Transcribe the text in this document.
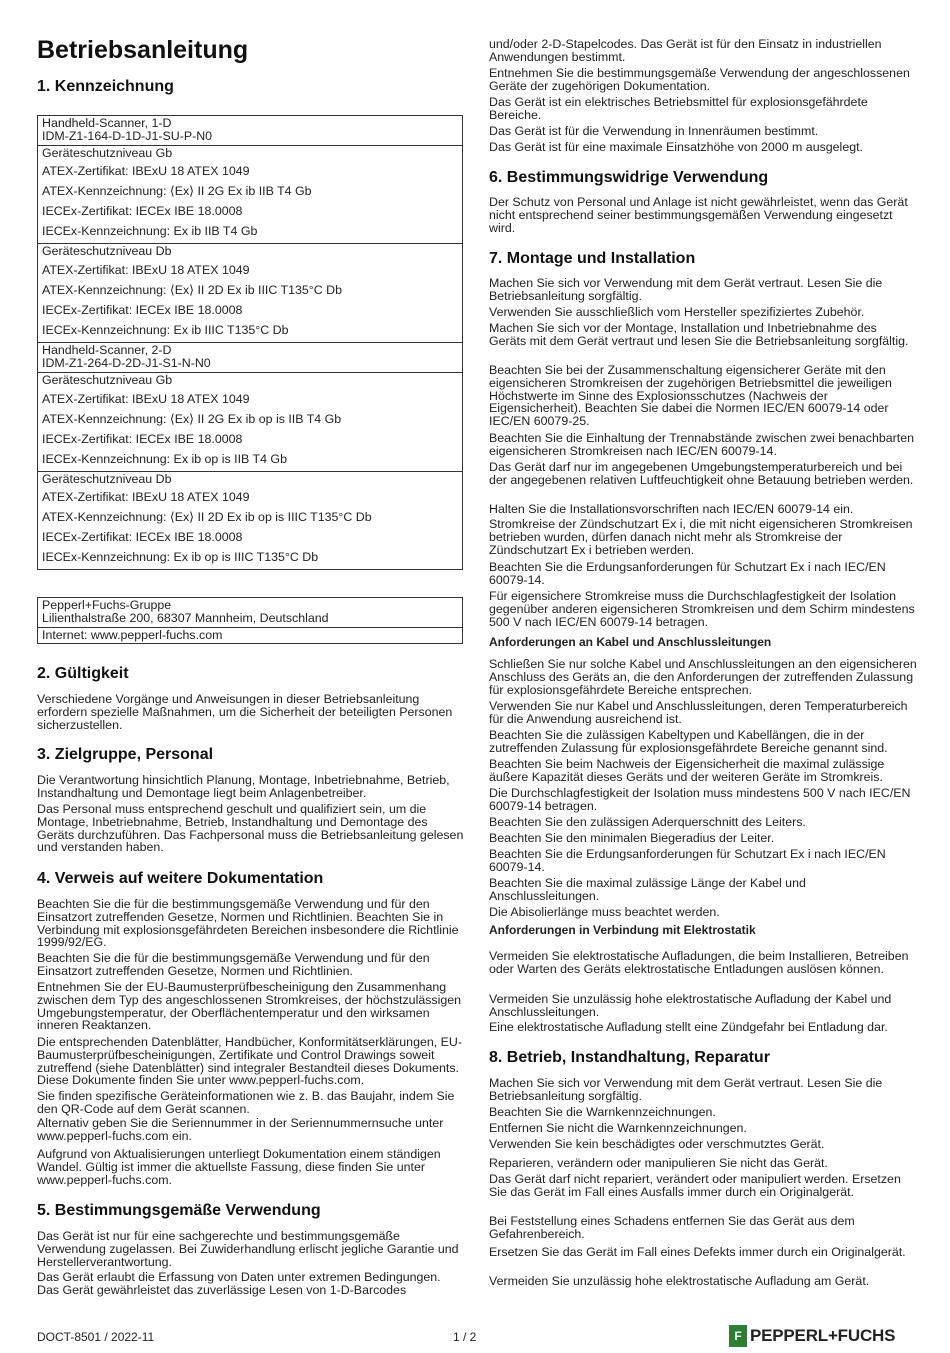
Betriebsanleitung
1. Kennzeichnung
Handheld-Scanner, 1-D
IDM-Z1-164-D-1D-J1-SU-P-N0

Geräteschutzniveau Gb
ATEX-Zertifikat: IBExU 18 ATEX 1049
ATEX-Kennzeichnung: ⟨Ex⟩ II 2G Ex ib IIB T4 Gb
IECEx-Zertifikat: IECEx IBE 18.0008
IECEx-Kennzeichnung: Ex ib IIB T4 Gb

Geräteschutzniveau Db
ATEX-Zertifikat: IBExU 18 ATEX 1049
ATEX-Kennzeichnung: ⟨Ex⟩ II 2D Ex ib IIIC T135°C Db
IECEx-Zertifikat: IECEx IBE 18.0008
IECEx-Kennzeichnung: Ex ib IIIC T135°C Db

Handheld-Scanner, 2-D
IDM-Z1-264-D-2D-J1-S1-N-N0

Geräteschutzniveau Gb
ATEX-Zertifikat: IBExU 18 ATEX 1049
ATEX-Kennzeichnung: ⟨Ex⟩ II 2G Ex ib op is IIB T4 Gb
IECEx-Zertifikat: IECEx IBE 18.0008
IECEx-Kennzeichnung: Ex ib op is IIB T4 Gb

Geräteschutzniveau Db
ATEX-Zertifikat: IBExU 18 ATEX 1049
ATEX-Kennzeichnung: ⟨Ex⟩ II 2D Ex ib op is IIIC T135°C Db
IECEx-Zertifikat: IECEx IBE 18.0008
IECEx-Kennzeichnung: Ex ib op is IIIC T135°C Db
Pepperl+Fuchs-Gruppe
Lilienthalstraße 200, 68307 Mannheim, Deutschland

Internet: www.pepperl-fuchs.com
2. Gültigkeit

Verschiedene Vorgänge und Anweisungen in dieser Betriebsanleitung erfordern spezielle Maßnahmen, um die Sicherheit der beteiligten Personen sicherzustellen.

3. Zielgruppe, Personal

Die Verantwortung hinsichtlich Planung, Montage, Inbetriebnahme, Betrieb, Instandhaltung und Demontage liegt beim Anlagenbetreiber.

Das Personal muss entsprechend geschult und qualifiziert sein, um die Montage, Inbetriebnahme, Betrieb, Instandhaltung und Demontage des Geräts durchzuführen. Das Fachpersonal muss die Betriebsanleitung gelesen und verstanden haben.

4. Verweis auf weitere Dokumentation

Beachten Sie die für die bestimmungsgemäße Verwendung und für den Einsatzort zutreffenden Gesetze, Normen und Richtlinien. Beachten Sie in Verbindung mit explosionsgefährdeten Bereichen insbesondere die Richtlinie 1999/92/EG.

Beachten Sie die für die bestimmungsgemäße Verwendung und für den Einsatzort zutreffenden Gesetze, Normen und Richtlinien.

Entnehmen Sie der EU-Baumusterprüfbescheinigung den Zusammenhang zwischen dem Typ des angeschlossenen Stromkreises, der höchstzulässigen Umgebungstemperatur, der Oberflächentemperatur und den wirksamen inneren Reaktanzen.

Die entsprechenden Datenblätter, Handbücher, Konformitätserklärungen, EU-Baumusterprüfbescheinigungen, Zertifikate und Control Drawings soweit zutreffend (siehe Datenblätter) sind integraler Bestandteil dieses Dokuments. Diese Dokumente finden Sie unter www.pepperl-fuchs.com.

Sie finden spezifische Geräteinformationen wie z. B. das Baujahr, indem Sie den QR-Code auf dem Gerät scannen.

Alternativ geben Sie die Seriennummer in der Seriennummernsuche unter www.pepperl-fuchs.com ein.

Aufgrund von Aktualisierungen unterliegt Dokumentation einem ständigen Wandel. Gültig ist immer die aktuellste Fassung, diese finden Sie unter www.pepperl-fuchs.com.

5. Bestimmungsgemäße Verwendung

Das Gerät ist nur für eine sachgerechte und bestimmungsgemäße Verwendung zugelassen. Bei Zuwiderhandlung erlischt jegliche Garantie und Herstellerverantwortung.

Das Gerät erlaubt die Erfassung von Daten unter extremen Bedingungen. Das Gerät gewährleistet das zuverlässige Lesen von 1-D-Barcodes

und/oder 2-D-Stapelcodes. Das Gerät ist für den Einsatz in industriellen Anwendungen bestimmt.

Entnehmen Sie die bestimmungsgemäße Verwendung der angeschlossenen Geräte der zugehörigen Dokumentation.

Das Gerät ist ein elektrisches Betriebsmittel für explosionsgefährdete Bereiche.

Das Gerät ist für die Verwendung in Innenräumen bestimmt.

Das Gerät ist für eine maximale Einsatzhöhe von 2000 m ausgelegt.

6. Bestimmungswidrige Verwendung

Der Schutz von Personal und Anlage ist nicht gewährleistet, wenn das Gerät nicht entsprechend seiner bestimmungsgemäßen Verwendung eingesetzt wird.

7. Montage und Installation

Machen Sie sich vor Verwendung mit dem Gerät vertraut. Lesen Sie die Betriebsanleitung sorgfältig.

Verwenden Sie ausschließlich vom Hersteller spezifiziertes Zubehör.

Machen Sie sich vor der Montage, Installation und Inbetriebnahme des Geräts mit dem Gerät vertraut und lesen Sie die Betriebsanleitung sorgfältig.

Beachten Sie bei der Zusammenschaltung eigensicherer Geräte mit den eigensicheren Stromkreisen der zugehörigen Betriebsmittel die jeweiligen Höchstwerte im Sinne des Explosionsschutzes (Nachweis der Eigensicherheit). Beachten Sie dabei die Normen IEC/EN 60079-14 oder IEC/EN 60079-25.

Beachten Sie die Einhaltung der Trennabstände zwischen zwei benachbarten eigensicheren Stromkreisen nach IEC/EN 60079-14.

Das Gerät darf nur im angegebenen Umgebungstemperaturbereich und bei der angegebenen relativen Luftfeuchtigkeit ohne Betauung betrieben werden.

Halten Sie die Installationsvorschriften nach IEC/EN 60079-14 ein.

Stromkreise der Zündschutzart Ex i, die mit nicht eigensicheren Stromkreisen betrieben wurden, dürfen danach nicht mehr als Stromkreise der Zündschutzart Ex i betrieben werden.

Beachten Sie die Erdungsanforderungen für Schutzart Ex i nach IEC/EN 60079-14.

Für eigensichere Stromkreise muss die Durchschlagfestigkeit der Isolation gegenüber anderen eigensicheren Stromkreisen und dem Schirm mindestens 500 V nach IEC/EN 60079-14 betragen.

Anforderungen an Kabel und Anschlussleitungen

Schließen Sie nur solche Kabel und Anschlussleitungen an den eigensicheren Anschluss des Geräts an, die den Anforderungen der zutreffenden Zulassung für explosionsgefährdete Bereiche entsprechen.

Verwenden Sie nur Kabel und Anschlussleitungen, deren Temperaturbereich für die Anwendung ausreichend ist.

Beachten Sie die zulässigen Kabeltypen und Kabellängen, die in der zutreffenden Zulassung für explosionsgefährdete Bereiche genannt sind.

Beachten Sie beim Nachweis der Eigensicherheit die maximal zulässige äußere Kapazität dieses Geräts und der weiteren Geräte im Stromkreis.

Die Durchschlagfestigkeit der Isolation muss mindestens 500 V nach IEC/EN 60079-14 betragen.

Beachten Sie den zulässigen Aderquerschnitt des Leiters.

Beachten Sie den minimalen Biegeradius der Leiter.

Beachten Sie die Erdungsanforderungen für Schutzart Ex i nach IEC/EN 60079-14.

Beachten Sie die maximal zulässige Länge der Kabel und Anschlussleitungen.

Die Abisolierlänge muss beachtet werden.

Anforderungen in Verbindung mit Elektrostatik

Vermeiden Sie elektrostatische Aufladungen, die beim Installieren, Betreiben oder Warten des Geräts elektrostatische Entladungen auslösen können.

Vermeiden Sie unzulässig hohe elektrostatische Aufladung der Kabel und Anschlussleitungen.

Eine elektrostatische Aufladung stellt eine Zündgefahr bei Entladung dar.

8. Betrieb, Instandhaltung, Reparatur

Machen Sie sich vor Verwendung mit dem Gerät vertraut. Lesen Sie die Betriebsanleitung sorgfältig.

Beachten Sie die Warnkennzeichnungen.

Entfernen Sie nicht die Warnkennzeichnungen.

Verwenden Sie kein beschädigtes oder verschmutztes Gerät.

Reparieren, verändern oder manipulieren Sie nicht das Gerät.

Das Gerät darf nicht repariert, verändert oder manipuliert werden. Ersetzen Sie das Gerät im Fall eines Ausfalls immer durch ein Originalgerät.

Bei Feststellung eines Schadens entfernen Sie das Gerät aus dem Gefahrenbereich.

Ersetzen Sie das Gerät im Fall eines Defekts immer durch ein Originalgerät.

Vermeiden Sie unzulässig hohe elektrostatische Aufladung am Gerät.

DOCT-8501 / 2022-11	1 / 2	F PEPPERL+FUCHS
